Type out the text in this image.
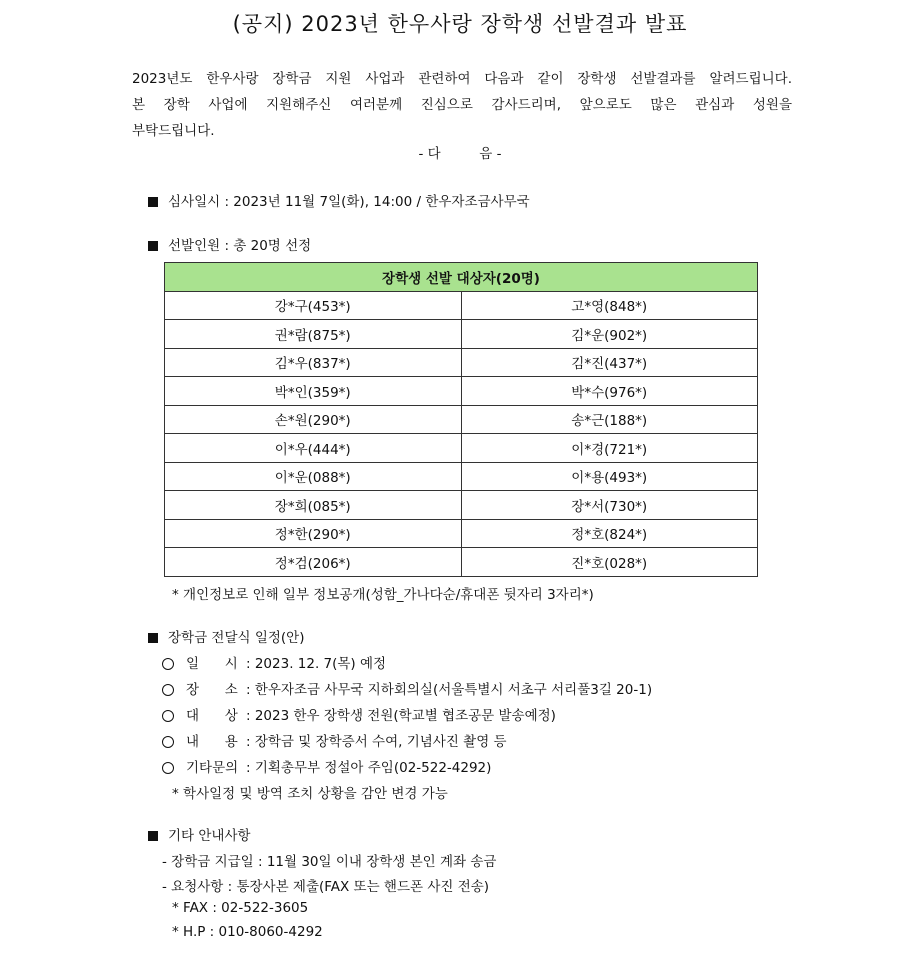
(공지) 2023년 한우사랑 장학생 선발결과 발표
2023년도 한우사랑 장학금 지원 사업과 관련하여 다음과 같이 장학생 선발결과를 알려드립니다.
본 장학 사업에 지원해주신 여러분께 진심으로 감사드리며, 앞으로도 많은 관심과 성원을
부탁드립니다.
- 다	음 -
심사일시 : 2023년 11월 7일(화), 14:00 / 한우자조금사무국
선발인원 : 총 20명 선정
장학생 선발 대상자(20명)	
강*구(453*)	고*영(848*)
권*람(875*)	김*운(902*)
김*우(837*)	김*진(437*)
박*인(359*)	박*수(976*)
손*원(290*)	송*근(188*)
이*우(444*)	이*경(721*)
이*운(088*)	이*용(493*)
장*희(085*)	장*서(730*)
정*한(290*)	정*호(824*)
정*검(206*)	진*호(028*)
* 개인정보로 인해 일부 정보공개(성함_가나다순/휴대폰 뒷자리 3자리*)
장학금 전달식 일정(안)
일      시 : 2023. 12. 7(목) 예정
장      소 : 한우자조금 사무국 지하회의실(서울특별시 서초구 서리풀3길 20-1)
대      상 : 2023 한우 장학생 전원(학교별 협조공문 발송예정)
내      용 : 장학금 및 장학증서 수여, 기념사진 촬영 등
기타문의 : 기획총무부 정설아 주임(02-522-4292)
* 학사일정 및 방역 조치 상황을 감안 변경 가능
기타 안내사항
- 장학금 지급일 : 11월 30일 이내 장학생 본인 계좌 송금
- 요청사항 : 통장사본 제출(FAX 또는 핸드폰 사진 전송)
* FAX : 02-522-3605
* H.P : 010-8060-4292
